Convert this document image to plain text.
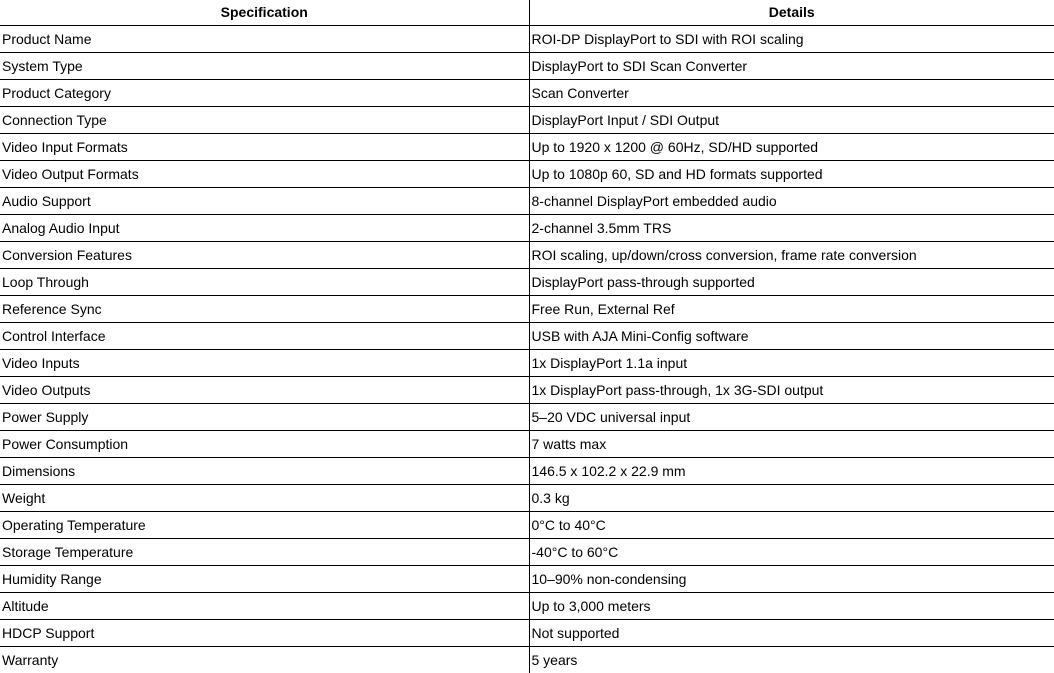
Specification	Details
Product Name	ROI-DP DisplayPort to SDI with ROI scaling
System Type	DisplayPort to SDI Scan Converter
Product Category	Scan Converter
Connection Type	DisplayPort Input / SDI Output
Video Input Formats	Up to 1920 x 1200 @ 60Hz, SD/HD supported
Video Output Formats	Up to 1080p 60, SD and HD formats supported
Audio Support	8-channel DisplayPort embedded audio
Analog Audio Input	2-channel 3.5mm TRS
Conversion Features	ROI scaling, up/down/cross conversion, frame rate conversion
Loop Through	DisplayPort pass-through supported
Reference Sync	Free Run, External Ref
Control Interface	USB with AJA Mini-Config software
Video Inputs	1x DisplayPort 1.1a input
Video Outputs	1x DisplayPort pass-through, 1x 3G-SDI output
Power Supply	5–20 VDC universal input
Power Consumption	7 watts max
Dimensions	146.5 x 102.2 x 22.9 mm
Weight	0.3 kg
Operating Temperature	0°C to 40°C
Storage Temperature	-40°C to 60°C
Humidity Range	10–90% non-condensing
Altitude	Up to 3,000 meters
HDCP Support	Not supported
Warranty	5 years
